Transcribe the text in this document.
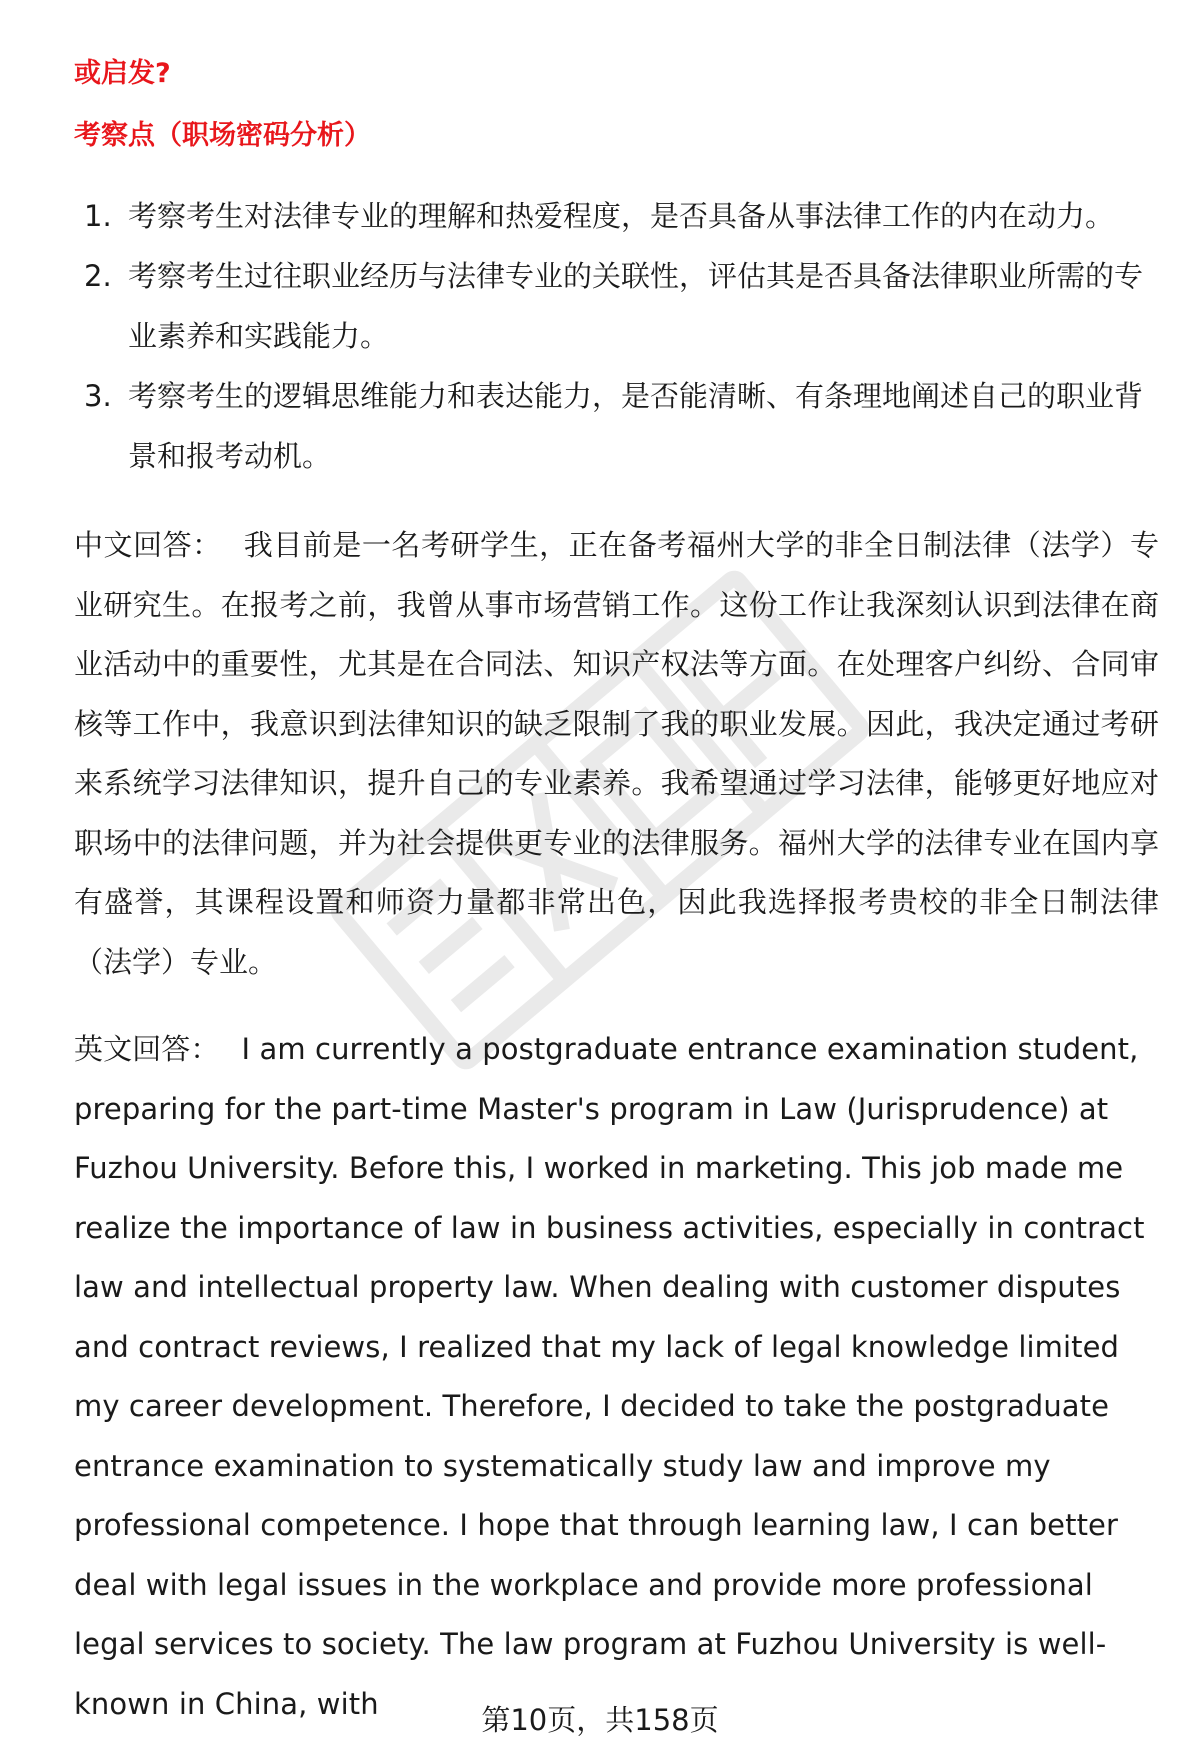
或启发?
考察点（职场密码分析）
1. 考察考生对法律专业的理解和热爱程度，是否具备从事法律工作的内在动力。
2. 考察考生过往职业经历与法律专业的关联性，评估其是否具备法律职业所需的专业素养和实践能力。
3. 考察考生的逻辑思维能力和表达能力，是否能清晰、有条理地阐述自己的职业背景和报考动机。

中文回答： 我目前是一名考研学生，正在备考福州大学的非全日制法律（法学）专业研究生。在报考之前，我曾从事市场营销工作。这份工作让我深刻认识到法律在商业活动中的重要性，尤其是在合同法、知识产权法等方面。在处理客户纠纷、合同审核等工作中，我意识到法律知识的缺乏限制了我的职业发展。因此，我决定通过考研来系统学习法律知识，提升自己的专业素养。我希望通过学习法律，能够更好地应对职场中的法律问题，并为社会提供更专业的法律服务。福州大学的法律专业在国内享有盛誉，其课程设置和师资力量都非常出色，因此我选择报考贵校的非全日制法律（法学）专业。

英文回答： I am currently a postgraduate entrance examination student, preparing for the part-time Master's program in Law (Jurisprudence) at Fuzhou University. Before this, I worked in marketing. This job made me realize the importance of law in business activities, especially in contract law and intellectual property law. When dealing with customer disputes and contract reviews, I realized that my lack of legal knowledge limited my career development. Therefore, I decided to take the postgraduate entrance examination to systematically study law and improve my professional competence. I hope that through learning law, I can better deal with legal issues in the workplace and provide more professional legal services to society. The law program at Fuzhou University is well-known in China, with	第10页，共158页
